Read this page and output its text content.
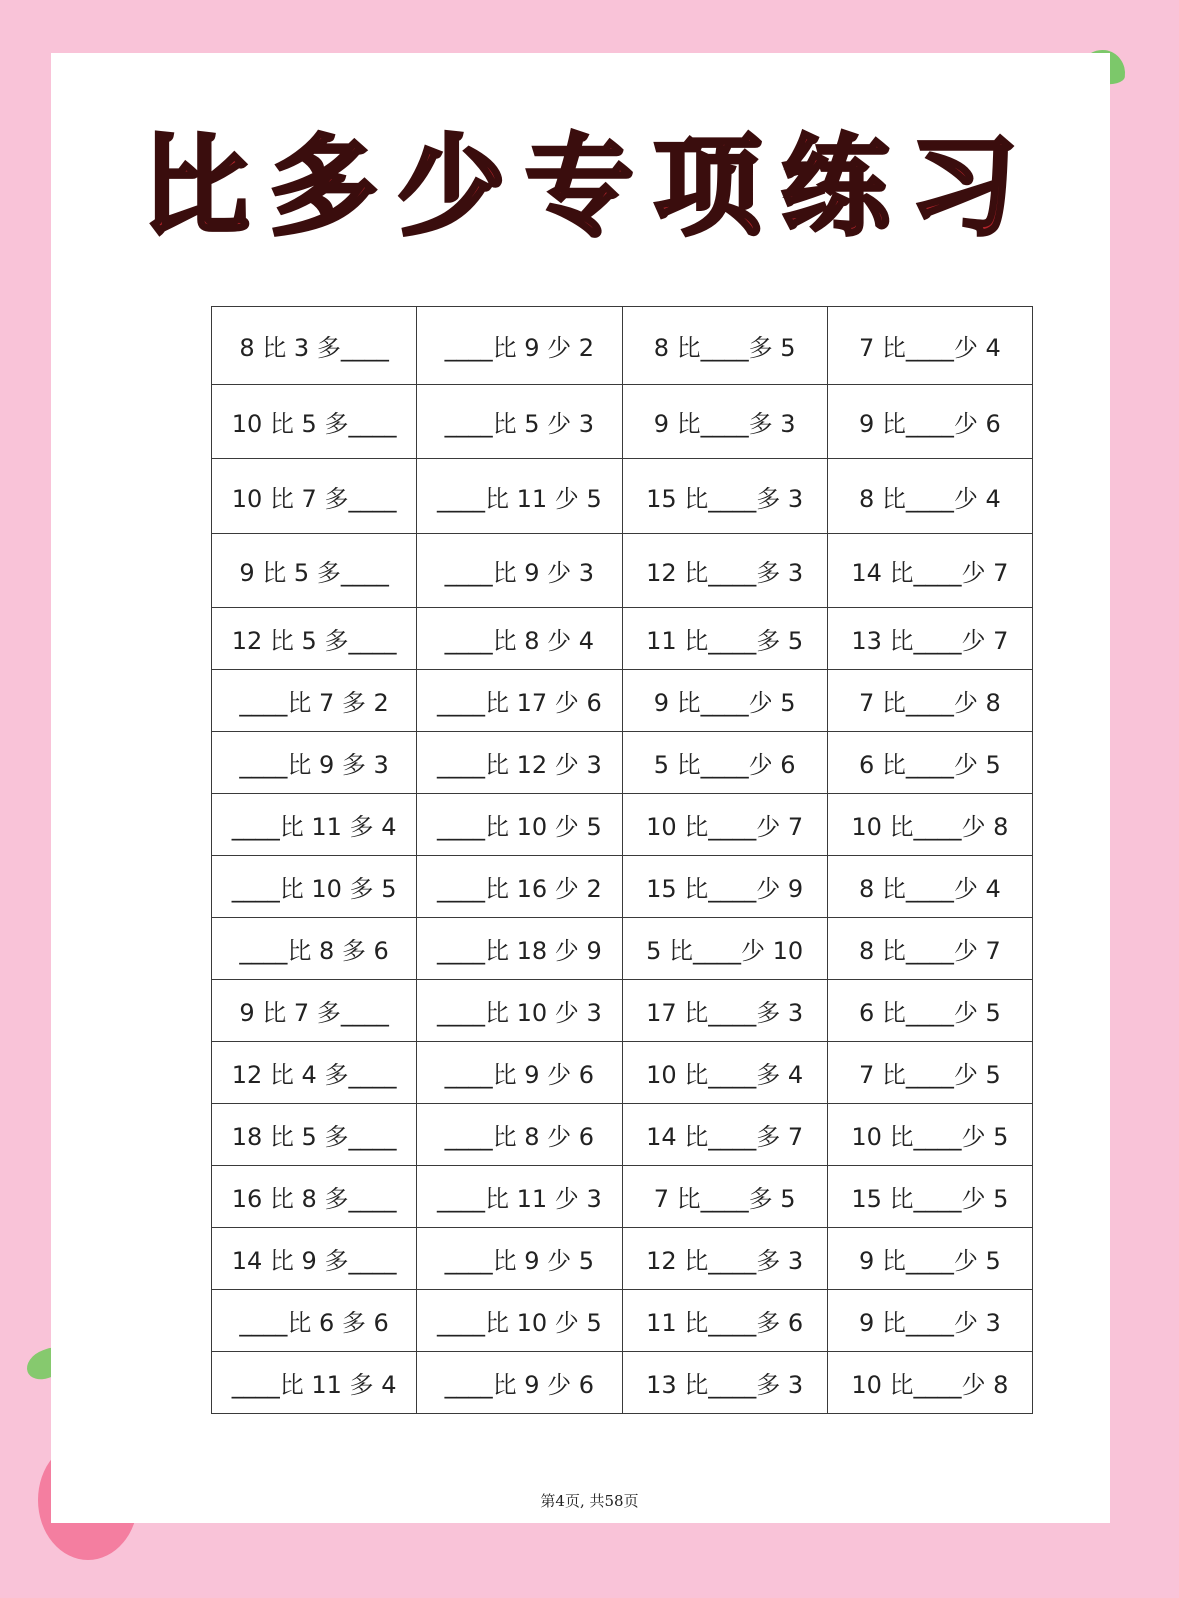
比多少专项练习
8 比 3 多____	____比 9 少 2	8 比____多 5	7 比____少 4
10 比 5 多____	____比 5 少 3	9 比____多 3	9 比____少 6
10 比 7 多____	____比 11 少 5	15 比____多 3	8 比____少 4
9 比 5 多____	____比 9 少 3	12 比____多 3	14 比____少 7
12 比 5 多____	____比 8 少 4	11 比____多 5	13 比____少 7
____比 7 多 2	____比 17 少 6	9 比____少 5	7 比____少 8
____比 9 多 3	____比 12 少 3	5 比____少 6	6 比____少 5
____比 11 多 4	____比 10 少 5	10 比____少 7	10 比____少 8
____比 10 多 5	____比 16 少 2	15 比____少 9	8 比____少 4
____比 8 多 6	____比 18 少 9	5 比____少 10	8 比____少 7
9 比 7 多____	____比 10 少 3	17 比____多 3	6 比____少 5
12 比 4 多____	____比 9 少 6	10 比____多 4	7 比____少 5
18 比 5 多____	____比 8 少 6	14 比____多 7	10 比____少 5
16 比 8 多____	____比 11 少 3	7 比____多 5	15 比____少 5
14 比 9 多____	____比 9 少 5	12 比____多 3	9 比____少 5
____比 6 多 6	____比 10 少 5	11 比____多 6	9 比____少 3
____比 11 多 4	____比 9 少 6	13 比____多 3	10 比____少 8
第4页, 共58页
